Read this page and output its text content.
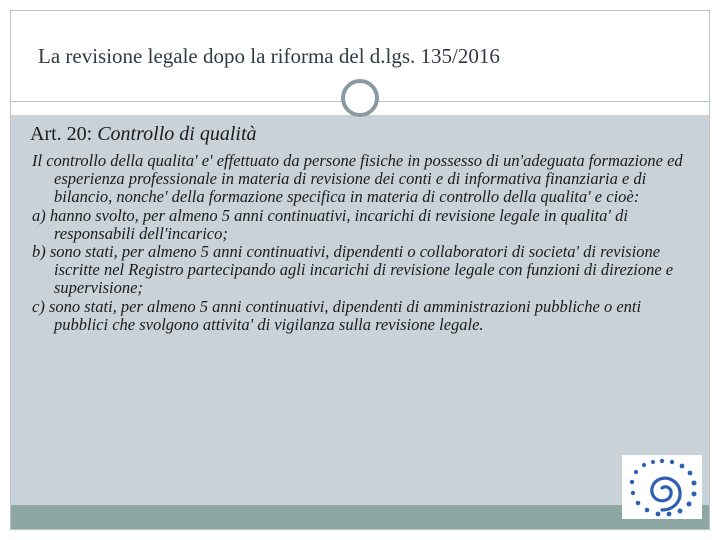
La revisione legale dopo la riforma del d.lgs. 135/2016
Art. 20: Controllo di qualità

Il controllo della qualita' e' effettuato da persone fisiche in possesso di un'adeguata formazione ed esperienza professionale in materia di revisione dei conti e di informativa finanziaria e di bilancio, nonche' della formazione specifica in materia di controllo della qualita' e cioè:

a) hanno svolto, per almeno 5 anni continuativi, incarichi di revisione legale in qualita' di responsabili dell'incarico;

b) sono stati, per almeno 5 anni continuativi, dipendenti o collaboratori di societa' di revisione iscritte nel Registro partecipando agli incarichi di revisione legale con funzioni di direzione e supervisione;

c) sono stati, per almeno 5 anni continuativi, dipendenti di amministrazioni pubbliche o enti pubblici che svolgono attivita' di vigilanza sulla revisione legale.
